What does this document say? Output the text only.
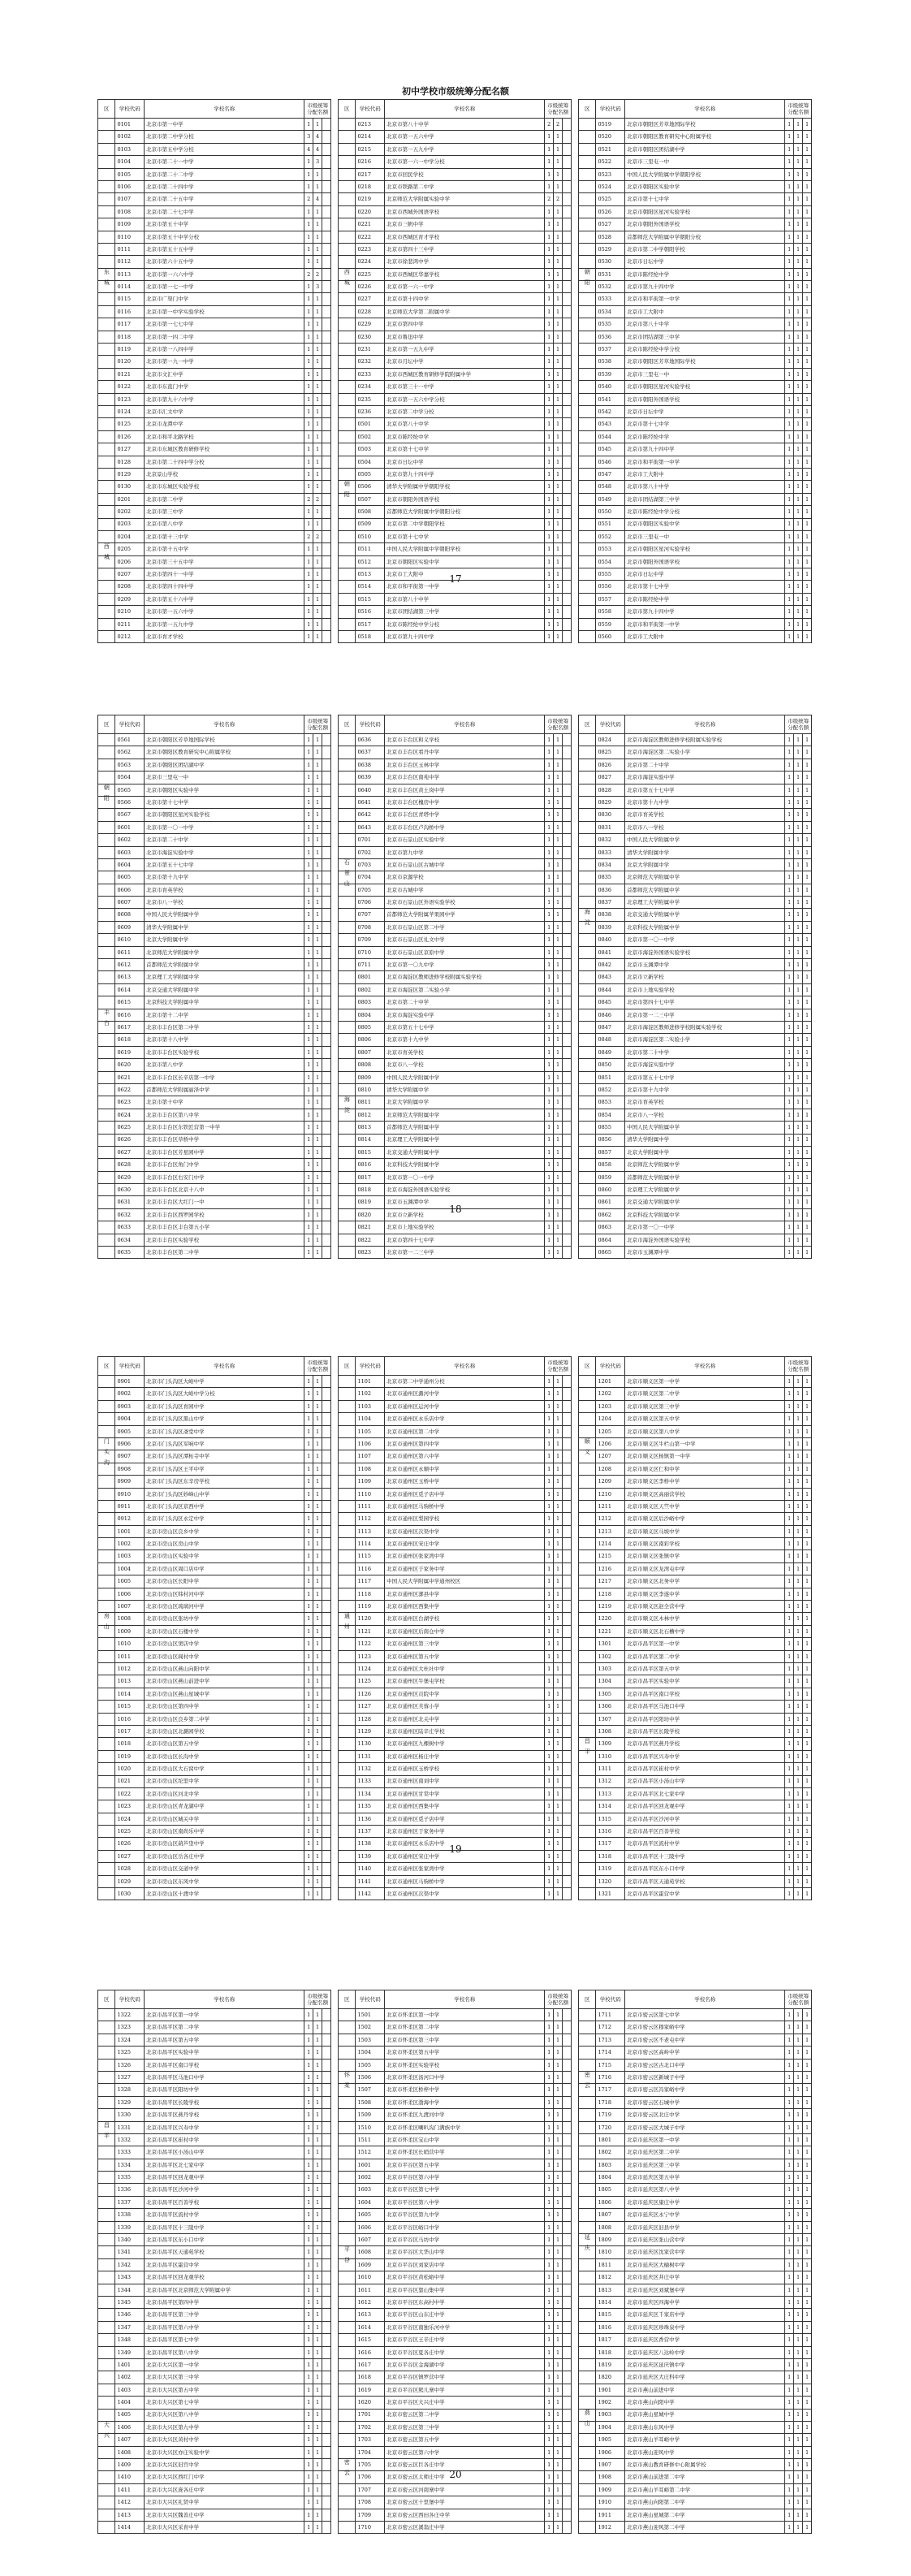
初中学校市级统筹分配名额
区	学校代码	学校名称	市级统筹分配名额		
	0101	北京市第一中学	1	1	
	0102	北京市第二中学分校	3	4	
	0103	北京市第五中学分校	4	4	
	0104	北京市第二十一中学	1	3	
	0105	北京市第二十二中学	1	1	
	0106	北京市第二十四中学	1	1	
	0107	北京市第二十五中学	2	4	
	0108	北京市第二十七中学	1	1	
	0109	北京市第五十中学	1	1	
	0110	北京市第五十中学分校	1	1	
	0111	北京市第五十五中学	1	1	
	0112	北京市第六十五中学	1	1	
东城	0113	北京市第一六六中学	2	2	
	0114	北京市第一七一中学	1	3	
	0115	北京市广渠门中学	1	1	
	0116	北京市第一中学实验学校	1	1	
	0117	北京市第一七七中学	1	1	
	0118	北京市第一四二中学	1	1	
	0119	北京市第一八四中学	1	1	
	0120	北京市第一九一中学	1	1	
	0121	北京市文汇中学	1	1	
	0122	北京市东直门中学	1	1	
	0123	北京市第九十六中学	1	1	
	0124	北京市汇文中学	1	1	
	0125	北京市龙潭中学	1	1	
	0126	北京市和平北路学校	1	1	
	0127	北京市东城区教育研修学校	1	1	
	0128	北京市第二十四中学分校	1	1	
	0129	北京景山学校	1	1	
	0130	北京市东城区实验学校	1	1	
	0201	北京市第二中学	2	2	
	0202	北京市第三中学	1	1	
	0203	北京市第八中学	1	1	
	0204	北京市第十三中学	2	2	
西城	0205	北京市第十五中学	1	1	
	0206	北京市第三十五中学	1	1	
	0207	北京市第四十一中学	1	1	
	0208	北京市第四十四中学	1	1	
	0209	北京市第五十六中学	1	1	
	0210	北京市第一五六中学	1	1	
	0211	北京市第一五九中学	1	1	
	0212	北京市育才学校	1	1	
区	学校代码	学校名称	市级统筹分配名额		
	0213	北京市第八十中学	2	2	
	0214	北京市第一五六中学	1	1	
	0215	北京市第一五九中学	1	1	
	0216	北京市第一六一中学分校	1	1	
	0217	北京市回民学校	1	1	
	0218	北京市铁路第二中学	1	1	
	0219	北京师范大学附属实验中学	2	2	
	0220	北京市西城外国语学校	1	1	
	0221	北京市三帆中学	1	1	
	0222	北京市西城区育才学校	1	1	
	0223	北京市第四十三中学	1	1	
	0224	北京市徐悲鸿中学	1	1	
西城	0225	北京市西城区华嘉学校	1	1	
	0226	北京市第一六一中学	1	1	
	0227	北京市第十四中学	1	1	
	0228	北京师范大学第二附属中学	1	1	
	0229	北京市第四中学	1	1	
	0230	北京市鲁迅中学	1	1	
	0231	北京市第一五九中学	1	1	
	0232	北京市月坛中学	1	1	
	0233	北京市西城区教育研修学院附属中学	1	1	
	0234	北京市第三十一中学	1	1	
	0235	北京市第一五六中学分校	1	1	
	0236	北京市第二中学分校	1	1	
	0501	北京市第八十中学	1	1	
	0502	北京市陈经纶中学	1	1	
	0503	北京市第十七中学	1	1	
	0504	北京市日坛中学	1	1	
	0505	北京市第九十四中学	1	1	
朝阳	0506	清华大学附属中学朝阳学校	1	1	
	0507	北京市朝阳外国语学校	1	1	
	0508	首都师范大学附属中学朝阳分校	1	1	
	0509	北京市第二中学朝阳学校	1	1	
	0510	北京市第十七中学	1	1	
	0511	中国人民大学附属中学朝阳学校	1	1	
	0512	北京市朝阳区实验中学	1	1	
	0513	北京市工大附中	1	1	
	0514	北京市和平街第一中学	1	1	
	0515	北京市第八十中学	1	1	
	0516	北京市团结湖第三中学	1	1	
	0517	北京市陈经纶中学分校	1	1	
	0518	北京市第九十四中学	1	1	
区	学校代码	学校名称	市级统筹分配名额		
	0519	北京市朝阳区芳草地国际学校	1	1	1
	0520	北京市朝阳区教育研究中心附属学校	1	1	1
	0521	北京市朝阳区团结湖中学	1	1	1
	0522	北京市三里屯一中	1	1	1
	0523	中国人民大学附属中学朝阳学校	1	1	1
	0524	北京市朝阳区实验中学	1	1	1
	0525	北京市第十七中学	1	1	1
	0526	北京市朝阳区星河实验学校	1	1	1
	0527	北京市朝阳外国语学校	1	1	1
	0528	首都师范大学附属中学朝阳分校	1	1	1
	0529	北京市第二中学朝阳学校	1	1	1
	0530	北京市日坛中学	1	1	1
朝阳	0531	北京市陈经纶中学	1	1	1
	0532	北京市第九十四中学	1	1	1
	0533	北京市和平街第一中学	1	1	1
	0534	北京市工大附中	1	1	1
	0535	北京市第八十中学	1	1	1
	0536	北京市团结湖第三中学	1	1	1
	0537	北京市陈经纶中学分校	1	1	1
	0538	北京市朝阳区芳草地国际学校	1	1	1
	0539	北京市三里屯一中	1	1	1
	0540	北京市朝阳区星河实验学校	1	1	1
	0541	北京市朝阳外国语学校	1	1	1
	0542	北京市日坛中学	1	1	1
	0543	北京市第十七中学	1	1	1
	0544	北京市陈经纶中学	1	1	1
	0545	北京市第九十四中学	1	1	1
	0546	北京市和平街第一中学	1	1	1
	0547	北京市工大附中	1	1	1
	0548	北京市第八十中学	1	1	1
	0549	北京市团结湖第三中学	1	1	1
	0550	北京市陈经纶中学分校	1	1	1
	0551	北京市朝阳区实验中学	1	1	1
	0552	北京市三里屯一中	1	1	1
	0553	北京市朝阳区星河实验学校	1	1	1
	0554	北京市朝阳外国语学校	1	1	1
	0555	北京市日坛中学	1	1	1
	0556	北京市第十七中学	1	1	1
	0557	北京市陈经纶中学	1	1	1
	0558	北京市第九十四中学	1	1	1
	0559	北京市和平街第一中学	1	1	1
	0560	北京市工大附中	1	1	1
17
区	学校代码	学校名称	市级统筹分配名额		
	0561	北京市朝阳区芳草地国际学校	1	1	
	0562	北京市朝阳区教育研究中心附属学校	1	1	
	0563	北京市朝阳区团结湖中学	1	1	
	0564	北京市三里屯一中	1	1	
朝阳	0565	北京市朝阳区实验中学	1	1	
	0566	北京市第十七中学	1	1	
	0567	北京市朝阳区星河实验学校	1	1	
	0601	北京市第一〇一中学	1	1	
	0602	北京市第二十中学	1	1	
	0603	北京市海淀实验中学	1	1	
	0604	北京市第五十七中学	1	1	
	0605	北京市第十九中学	1	1	
	0606	北京市育英学校	1	1	
	0607	北京市八一学校	1	1	
	0608	中国人民大学附属中学	1	1	
	0609	清华大学附属中学	1	1	
	0610	北京大学附属中学	1	1	
	0611	北京师范大学附属中学	1	1	
	0612	首都师范大学附属中学	1	1	
	0613	北京理工大学附属中学	1	1	
	0614	北京交通大学附属中学	1	1	
	0615	北京科技大学附属中学	1	1	
丰台	0616	北京市第十二中学	1	1	
	0617	北京市丰台区第二中学	1	1	
	0618	北京市第十八中学	1	1	
	0619	北京市丰台区实验学校	1	1	
	0620	北京市第八中学	1	1	
	0621	北京市丰台区长辛店第一中学	1	1	
	0622	首都师范大学附属丽泽中学	1	1	
	0623	北京市第十中学	1	1	
	0624	北京市丰台区第八中学	1	1	
	0625	北京市丰台区东铁匠营第一中学	1	1	
	0626	北京市丰台区草桥中学	1	1	
	0627	北京市丰台区芳星园中学	1	1	
	0628	北京市丰台区角门中学	1	1	
	0629	北京市丰台区右安门中学	1	1	
	0630	北京市丰台区北京十八中	1	1	
	0631	北京市丰台区大红门一中	1	1	
	0632	北京市丰台区西罗园学校	1	1	
	0633	北京市丰台区丰台第五小学	1	1	
	0634	北京市丰台区实验学校	1	1	
	0635	北京市丰台区第二中学	1	1	
区	学校代码	学校名称	市级统筹分配名额		
	0636	北京市丰台区和义学校	1	1	
	0637	北京市丰台区看丹中学	1	1	
	0638	北京市丰台区玉林中学	1	1	
	0639	北京市丰台区南苑中学	1	1	
	0640	北京市丰台区黄土岗中学	1	1	
	0641	北京市丰台区槐房中学	1	1	
	0642	北京市丰台区青塔中学	1	1	
	0643	北京市丰台区卢沟桥中学	1	1	
	0701	北京市石景山区实验中学	1	1	
	0702	北京市第九中学	1	1	
石景山	0703	北京市石景山区古城中学	1	1	
	0704	北京市京源学校	1	1	
	0705	北京市古城中学	1	1	
	0706	北京市石景山区外语实验学校	1	1	
	0707	首都师范大学附属苹果园中学	1	1	
	0708	北京市石景山区第二中学	1	1	
	0709	北京市石景山区礼文中学	1	1	
	0710	北京市石景山区京原中学	1	1	
	0711	北京市第一〇九中学	1	1	
	0801	北京市海淀区教师进修学校附属实验学校	1	1	
	0802	北京市海淀区第二实验小学	1	1	
	0803	北京市第二十中学	1	1	
	0804	北京市海淀实验中学	1	1	
	0805	北京市第五十七中学	1	1	
	0806	北京市第十九中学	1	1	
	0807	北京市育英学校	1	1	
	0808	北京市八一学校	1	1	
	0809	中国人民大学附属中学	1	1	
	0810	清华大学附属中学	1	1	
海淀	0811	北京大学附属中学	1	1	
	0812	北京师范大学附属中学	1	1	
	0813	首都师范大学附属中学	1	1	
	0814	北京理工大学附属中学	1	1	
	0815	北京交通大学附属中学	1	1	
	0816	北京科技大学附属中学	1	1	
	0817	北京市第一〇一中学	1	1	
	0818	北京市海淀外国语实验学校	1	1	
	0819	北京市玉渊潭中学	1	1	
	0820	北京市立新学校	1	1	
	0821	北京市上地实验学校	1	1	
	0822	北京市第四十七中学	1	1	
	0823	北京市第一二三中学	1	1	
区	学校代码	学校名称	市级统筹分配名额		
	0824	北京市海淀区教师进修学校附属实验学校	1	1	1
	0825	北京市海淀区第二实验小学	1	1	1
	0826	北京市第二十中学	1	1	1
	0827	北京市海淀实验中学	1	1	1
	0828	北京市第五十七中学	1	1	1
	0829	北京市第十九中学	1	1	1
	0830	北京市育英学校	1	1	1
	0831	北京市八一学校	1	1	1
	0832	中国人民大学附属中学	1	1	1
	0833	清华大学附属中学	1	1	1
	0834	北京大学附属中学	1	1	1
	0835	北京师范大学附属中学	1	1	1
	0836	首都师范大学附属中学	1	1	1
	0837	北京理工大学附属中学	1	1	1
海淀	0838	北京交通大学附属中学	1	1	1
	0839	北京科技大学附属中学	1	1	1
	0840	北京市第一〇一中学	1	1	1
	0841	北京市海淀外国语实验学校	1	1	1
	0842	北京市玉渊潭中学	1	1	1
	0843	北京市立新学校	1	1	1
	0844	北京市上地实验学校	1	1	1
	0845	北京市第四十七中学	1	1	1
	0846	北京市第一二三中学	1	1	1
	0847	北京市海淀区教师进修学校附属实验学校	1	1	1
	0848	北京市海淀区第二实验小学	1	1	1
	0849	北京市第二十中学	1	1	1
	0850	北京市海淀实验中学	1	1	1
	0851	北京市第五十七中学	1	1	1
	0852	北京市第十九中学	1	1	1
	0853	北京市育英学校	1	1	1
	0854	北京市八一学校	1	1	1
	0855	中国人民大学附属中学	1	1	1
	0856	清华大学附属中学	1	1	1
	0857	北京大学附属中学	1	1	1
	0858	北京师范大学附属中学	1	1	1
	0859	首都师范大学附属中学	1	1	1
	0860	北京理工大学附属中学	1	1	1
	0861	北京交通大学附属中学	1	1	1
	0862	北京科技大学附属中学	1	1	1
	0863	北京市第一〇一中学	1	1	1
	0864	北京市海淀外国语实验学校	1	1	1
	0865	北京市玉渊潭中学	1	1	1
18
区	学校代码	学校名称	市级统筹分配名额		
	0901	北京市门头沟区大峪中学	1	1	
	0902	北京市门头沟区大峪中学分校	1	1	
	0903	北京市门头沟区育园中学	1	1	
	0904	北京市门头沟区黑山中学	1	1	
	0905	北京市门头沟区斋堂中学	1	1	
门头沟	0906	北京市门头沟区军响中学	1	1	
	0907	北京市门头沟区潭柘寺中学	1	1	
	0908	北京市门头沟区王平中学	1	1	
	0909	北京市门头沟区东辛房学校	1	1	
	0910	北京市门头沟区妙峰山中学	1	1	
	0911	北京市门头沟区京西中学	1	1	
	0912	北京市门头沟区永定中学	1	1	
	1001	北京市房山区良乡中学	1	1	
	1002	北京市房山区房山中学	1	1	
	1003	北京市房山区实验中学	1	1	
	1004	北京市房山区周口店中学	1	1	
	1005	北京市房山区长阳中学	1	1	
	1006	北京市房山区韩村河中学	1	1	
	1007	北京市房山区琉璃河中学	1	1	
房山	1008	北京市房山区张坊中学	1	1	
	1009	北京市房山区石楼中学	1	1	
	1010	北京市房山区窦店中学	1	1	
	1011	北京市房山区阎村中学	1	1	
	1012	北京市房山区燕山向阳中学	1	1	
	1013	北京市房山区燕山前进中学	1	1	
	1014	北京市房山区燕山星城中学	1	1	
	1015	北京市房山区第四中学	1	1	
	1016	北京市房山区良乡第二中学	1	1	
	1017	北京市房山区北潞园学校	1	1	
	1018	北京市房山区第五中学	1	1	
	1019	北京市房山区长沟中学	1	1	
	1020	北京市房山区大石窝中学	1	1	
	1021	北京市房山区坨里中学	1	1	
	1022	北京市房山区河北中学	1	1	
	1023	北京市房山区青龙湖中学	1	1	
	1024	北京市房山区城关中学	1	1	
	1025	北京市房山区南尚乐中学	1	1	
	1026	北京市房山区葫芦垡中学	1	1	
	1027	北京市房山区岳各庄中学	1	1	
	1028	北京市房山区交道中学	1	1	
	1029	北京市房山区东风中学	1	1	
	1030	北京市房山区十渡中学	1	1	
区	学校代码	学校名称	市级统筹分配名额		
	1101	北京市第二中学通州分校	1	1	
	1102	北京市通州区潞河中学	1	1	
	1103	北京市通州区运河中学	1	1	
	1104	北京市通州区永乐店中学	1	1	
	1105	北京市通州区第二中学	1	1	
	1106	北京市通州区第四中学	1	1	
	1107	北京市通州区第六中学	1	1	
	1108	北京市通州区永顺中学	1	1	
	1109	北京市通州区玉桥中学	1	1	
	1110	北京市通州区觅子店中学	1	1	
	1111	北京市通州区马驹桥中学	1	1	
	1112	北京市通州区梨园学校	1	1	
	1113	北京市通州区次渠中学	1	1	
	1114	北京市通州区宋庄中学	1	1	
	1115	北京市通州区张家湾中学	1	1	
	1116	北京市通州区于家务中学	1	1	
	1117	中国人民大学附属中学通州校区	1	1	
	1118	北京市通州区漷县中学	1	1	
	1119	北京市通州区西集中学	1	1	
通州	1120	北京市通州区台湖学校	1	1	
	1121	北京市通州区后南仓中学	1	1	
	1122	北京市通州区第三中学	1	1	
	1123	北京市通州区第五中学	1	1	
	1124	北京市通州区大杜社中学	1	1	
	1125	北京市通州区牛堡屯学校	1	1	
	1126	北京市通州区贡院中学	1	1	
	1127	北京市通州区芙蓉小学	1	1	
	1128	北京市通州区北关中学	1	1	
	1129	北京市通州区陆辛庄学校	1	1	
	1130	北京市通州区九棵树中学	1	1	
	1131	北京市通州区杨庄中学	1	1	
	1132	北京市通州区玉桥学校	1	1	
	1133	北京市通州区南刘中学	1	1	
	1134	北京市通州区甘棠中学	1	1	
	1135	北京市通州区西集中学	1	1	
	1136	北京市通州区觅子店中学	1	1	
	1137	北京市通州区于家务中学	1	1	
	1138	北京市通州区永乐店中学	1	1	
	1139	北京市通州区宋庄中学	1	1	
	1140	北京市通州区张家湾中学	1	1	
	1141	北京市通州区马驹桥中学	1	1	
	1142	北京市通州区次渠中学	1	1	
区	学校代码	学校名称	市级统筹分配名额		
	1201	北京市顺义区第一中学	1	1	1
	1202	北京市顺义区第二中学	1	1	1
	1203	北京市顺义区第三中学	1	1	1
	1204	北京市顺义区第五中学	1	1	1
	1205	北京市顺义区第八中学	1	1	1
顺义	1206	北京市顺义区牛栏山第一中学	1	1	1
	1207	北京市顺义区杨镇第一中学	1	1	1
	1208	北京市顺义区仁和中学	1	1	1
	1209	北京市顺义区李桥中学	1	1	1
	1210	北京市顺义区高丽营学校	1	1	1
	1211	北京市顺义区天竺中学	1	1	1
	1212	北京市顺义区后沙峪中学	1	1	1
	1213	北京市顺义区马坡中学	1	1	1
	1214	北京市顺义区南彩学校	1	1	1
	1215	北京市顺义区张镇中学	1	1	1
	1216	北京市顺义区龙湾屯中学	1	1	1
	1217	北京市顺义区北务中学	1	1	1
	1218	北京市顺义区李遂中学	1	1	1
	1219	北京市顺义区赵全营中学	1	1	1
	1220	北京市顺义区木林中学	1	1	1
	1221	北京市顺义区北石槽中学	1	1	1
	1301	北京市昌平区第一中学	1	1	1
	1302	北京市昌平区第二中学	1	1	1
	1303	北京市昌平区第五中学	1	1	1
	1304	北京市昌平区实验中学	1	1	1
	1305	北京市昌平区南口学校	1	1	1
	1306	北京市昌平区马池口中学	1	1	1
	1307	北京市昌平区阳坊中学	1	1	1
	1308	北京市昌平区长陵学校	1	1	1
昌平	1309	北京市昌平区燕丹学校	1	1	1
	1310	北京市昌平区兴寿中学	1	1	1
	1311	北京市昌平区崔村中学	1	1	1
	1312	北京市昌平区小汤山中学	1	1	1
	1313	北京市昌平区北七家中学	1	1	1
	1314	北京市昌平区回龙观中学	1	1	1
	1315	北京市昌平区沙河中学	1	1	1
	1316	北京市昌平区百善学校	1	1	1
	1317	北京市昌平区流村中学	1	1	1
	1318	北京市昌平区十三陵中学	1	1	1
	1319	北京市昌平区东小口中学	1	1	1
	1320	北京市昌平区天通苑学校	1	1	1
	1321	北京市昌平区霍营中学	1	1	1
19
区	学校代码	学校名称	市级统筹分配名额		
	1322	北京市昌平区第一中学	1	1	
	1323	北京市昌平区第二中学	1	1	
	1324	北京市昌平区第五中学	1	1	
	1325	北京市昌平区实验中学	1	1	
	1326	北京市昌平区南口学校	1	1	
	1327	北京市昌平区马池口中学	1	1	
	1328	北京市昌平区阳坊中学	1	1	
	1329	北京市昌平区长陵学校	1	1	
	1330	北京市昌平区燕丹学校	1	1	
昌平	1331	北京市昌平区兴寿中学	1	1	
	1332	北京市昌平区崔村中学	1	1	
	1333	北京市昌平区小汤山中学	1	1	
	1334	北京市昌平区北七家中学	1	1	
	1335	北京市昌平区回龙观中学	1	1	
	1336	北京市昌平区沙河中学	1	1	
	1337	北京市昌平区百善学校	1	1	
	1338	北京市昌平区流村中学	1	1	
	1339	北京市昌平区十三陵中学	1	1	
	1340	北京市昌平区东小口中学	1	1	
	1341	北京市昌平区天通苑学校	1	1	
	1342	北京市昌平区霍营中学	1	1	
	1343	北京市昌平区回龙观学校	1	1	
	1344	北京市昌平区北京师范大学附属中学	1	1	
	1345	北京市昌平区第四中学	1	1	
	1346	北京市昌平区第三中学	1	1	
	1347	北京市昌平区第六中学	1	1	
	1348	北京市昌平区第七中学	1	1	
	1349	北京市昌平区第八中学	1	1	
	1401	北京市大兴区第一中学	1	1	
	1402	北京市大兴区第三中学	1	1	
	1403	北京市大兴区第五中学	1	1	
	1404	北京市大兴区第七中学	1	1	
	1405	北京市大兴区第八中学	1	1	
大兴	1406	北京市大兴区第九中学	1	1	
	1407	北京市大兴区黄村中学	1	1	
	1408	北京市大兴区亦庄实验中学	1	1	
	1409	北京市大兴区旧宫中学	1	1	
	1410	北京市大兴区西红门中学	1	1	
	1411	北京市大兴区庞各庄中学	1	1	
	1412	北京市大兴区礼贤中学	1	1	
	1413	北京市大兴区魏善庄中学	1	1	
	1414	北京市大兴区采育中学	1	1	
区	学校代码	学校名称	市级统筹分配名额		
	1501	北京市怀柔区第一中学	1	1	
	1502	北京市怀柔区第二中学	1	1	
	1503	北京市怀柔区第三中学	1	1	
	1504	北京市怀柔区第五中学	1	1	
	1505	北京市怀柔区实验学校	1	1	
怀柔	1506	北京市怀柔区汤河口中学	1	1	
	1507	北京市怀柔区桥梓中学	1	1	
	1508	北京市怀柔区渤海中学	1	1	
	1509	北京市怀柔区九渡河中学	1	1	
	1510	北京市怀柔区喇叭沟门满族中学	1	1	
	1511	北京市怀柔区宝山中学	1	1	
	1512	北京市怀柔区长哨营中学	1	1	
	1601	北京市平谷区第五中学	1	1	
	1602	北京市平谷区第六中学	1	1	
	1603	北京市平谷区第七中学	1	1	
	1604	北京市平谷区第八中学	1	1	
	1605	北京市平谷区第九中学	1	1	
	1606	北京市平谷区峪口中学	1	1	
	1607	北京市平谷区马坊中学	1	1	
平谷	1608	北京市平谷区大华山中学	1	1	
	1609	北京市平谷区刘家店中学	1	1	
	1610	北京市平谷区黄松峪中学	1	1	
	1611	北京市平谷区靠山集中学	1	1	
	1612	北京市平谷区东高村中学	1	1	
	1613	北京市平谷区山东庄中学	1	1	
	1614	北京市平谷区南独乐河中学	1	1	
	1615	北京市平谷区王辛庄中学	1	1	
	1616	北京市平谷区夏各庄中学	1	1	
	1617	北京市平谷区金海湖中学	1	1	
	1618	北京市平谷区镇罗营中学	1	1	
	1619	北京市平谷区熊儿寨中学	1	1	
	1620	北京市平谷区大兴庄中学	1	1	
	1701	北京市密云区第二中学	1	1	
	1702	北京市密云区第三中学	1	1	
	1703	北京市密云区第五中学	1	1	
	1704	北京市密云区第六中学	1	1	
密云	1705	北京市密云区巨各庄中学	1	1	
	1706	北京市密云区太师庄中学	1	1	
	1707	北京市密云区河南寨中学	1	1	
	1708	北京市密云区十里堡中学	1	1	
	1709	北京市密云区西田各庄中学	1	1	
	1710	北京市密云区溪翁庄中学	1	1	
区	学校代码	学校名称	市级统筹分配名额		
	1711	北京市密云区第七中学	1	1	1
	1712	北京市密云区穆家峪中学	1	1	1
	1713	北京市密云区不老屯中学	1	1	1
	1714	北京市密云区高岭中学	1	1	1
	1715	北京市密云区古北口中学	1	1	1
密云	1716	北京市密云区新城子中学	1	1	1
	1717	北京市密云区冯家峪中学	1	1	1
	1718	北京市密云区石城中学	1	1	1
	1719	北京市密云区北庄中学	1	1	1
	1720	北京市密云区大城子中学	1	1	1
	1801	北京市延庆区第一中学	1	1	1
	1802	北京市延庆区第二中学	1	1	1
	1803	北京市延庆区第三中学	1	1	1
	1804	北京市延庆区第五中学	1	1	1
	1805	北京市延庆区第八中学	1	1	1
	1806	北京市延庆区康庄中学	1	1	1
	1807	北京市延庆区永宁中学	1	1	1
	1808	北京市延庆区旧县中学	1	1	1
延庆	1809	北京市延庆区张山营中学	1	1	1
	1810	北京市延庆区沈家营中学	1	1	1
	1811	北京市延庆区大榆树中学	1	1	1
	1812	北京市延庆区井庄中学	1	1	1
	1813	北京市延庆区刘斌堡中学	1	1	1
	1814	北京市延庆区四海中学	1	1	1
	1815	北京市延庆区千家店中学	1	1	1
	1816	北京市延庆区珍珠泉中学	1	1	1
	1817	北京市延庆区香营中学	1	1	1
	1818	北京市延庆区八达岭中学	1	1	1
	1819	北京市延庆区延庆镇中学	1	1	1
	1820	北京市延庆区大庄科中学	1	1	1
	1901	北京市燕山前进中学	1	1	1
	1902	北京市燕山向阳中学	1	1	1
燕山	1903	北京市燕山星城中学	1	1	1
	1904	北京市燕山东风中学	1	1	1
	1905	北京市燕山羊耳峪中学	1	1	1
	1906	北京市燕山迎风中学	1	1	1
	1907	北京市燕山教育研修中心附属学校	1	1	1
	1908	北京市燕山前进第二中学	1	1	1
	1909	北京市燕山羊耳峪第二中学	1	1	1
	1910	北京市燕山向阳第二中学	1	1	1
	1911	北京市燕山星城第二中学	1	1	1
	1912	北京市燕山迎风第二中学	1	1	1
20
